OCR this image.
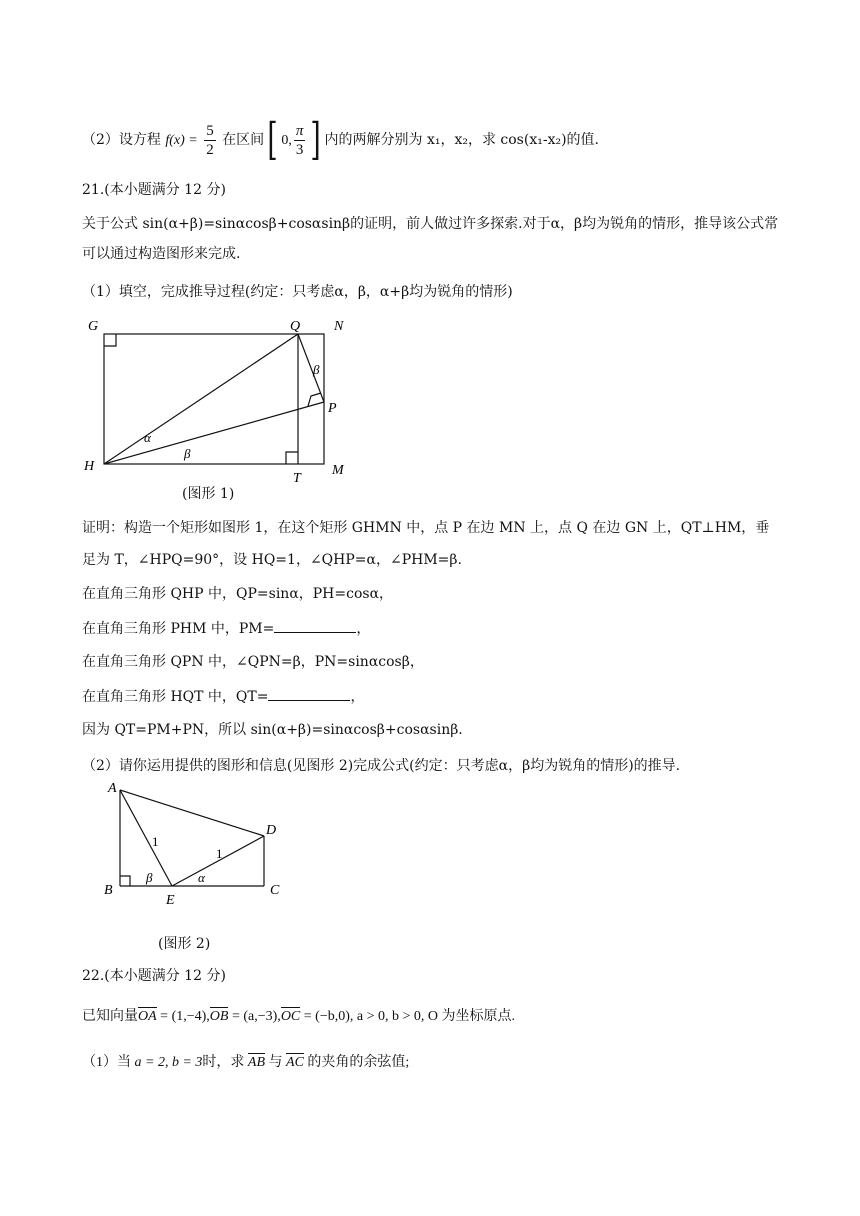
（2）设方程 $f(x) = \frac{5}{2}$ 在区间[ 0, $\frac{\pi}{3}$ ] 内的两解分别为 x₁，x₂，求 cos(x₁-x₂)的值.
21.(本小题满分 12 分)
关于公式 sin(α+β)=sinαcosβ+cosαsinβ的证明，前人做过许多探索.对于α，β均为锐角的情形，推导该公式常
可以通过构造图形来完成.
（1）填空，完成推导过程(约定：只考虑α，β，α+β均为锐角的情形)
G	Q N
P
H
T
M
α
β
β
(图形 1)
证明：构造一个矩形如图形 1，在这个矩形 GHMN 中，点 P 在边 MN 上，点 Q 在边 GN 上，QT⊥HM，垂
足为 T，∠HPQ=90°，设 HQ=1，∠QHP=α，∠PHM=β.
在直角三角形 QHP 中，QP=sinα，PH=cosα，
在直角三角形 PHM 中，PM=	，
在直角三角形 QPN 中，∠QPN=β，PN=sinαcosβ，
在直角三角形 HQT 中，QT=	，
因为 QT=PM+PN，所以 sin(α+β)=sinαcosβ+cosαsinβ.
（2）请你运用提供的图形和信息(见图形 2)完成公式(约定：只考虑α，β均为锐角的情形)的推导.
A
B	C
D
E
1
1
β	α
(图形 2)
22.(本小题满分 12 分)
已知向量OA = (1,−4),OB = (a,−3),OC = (−b,0), a > 0, b > 0, O 为坐标原点.
（1）当 a = 2, b = 3时，求 AB 与 AC 的夹角的余弦值;
